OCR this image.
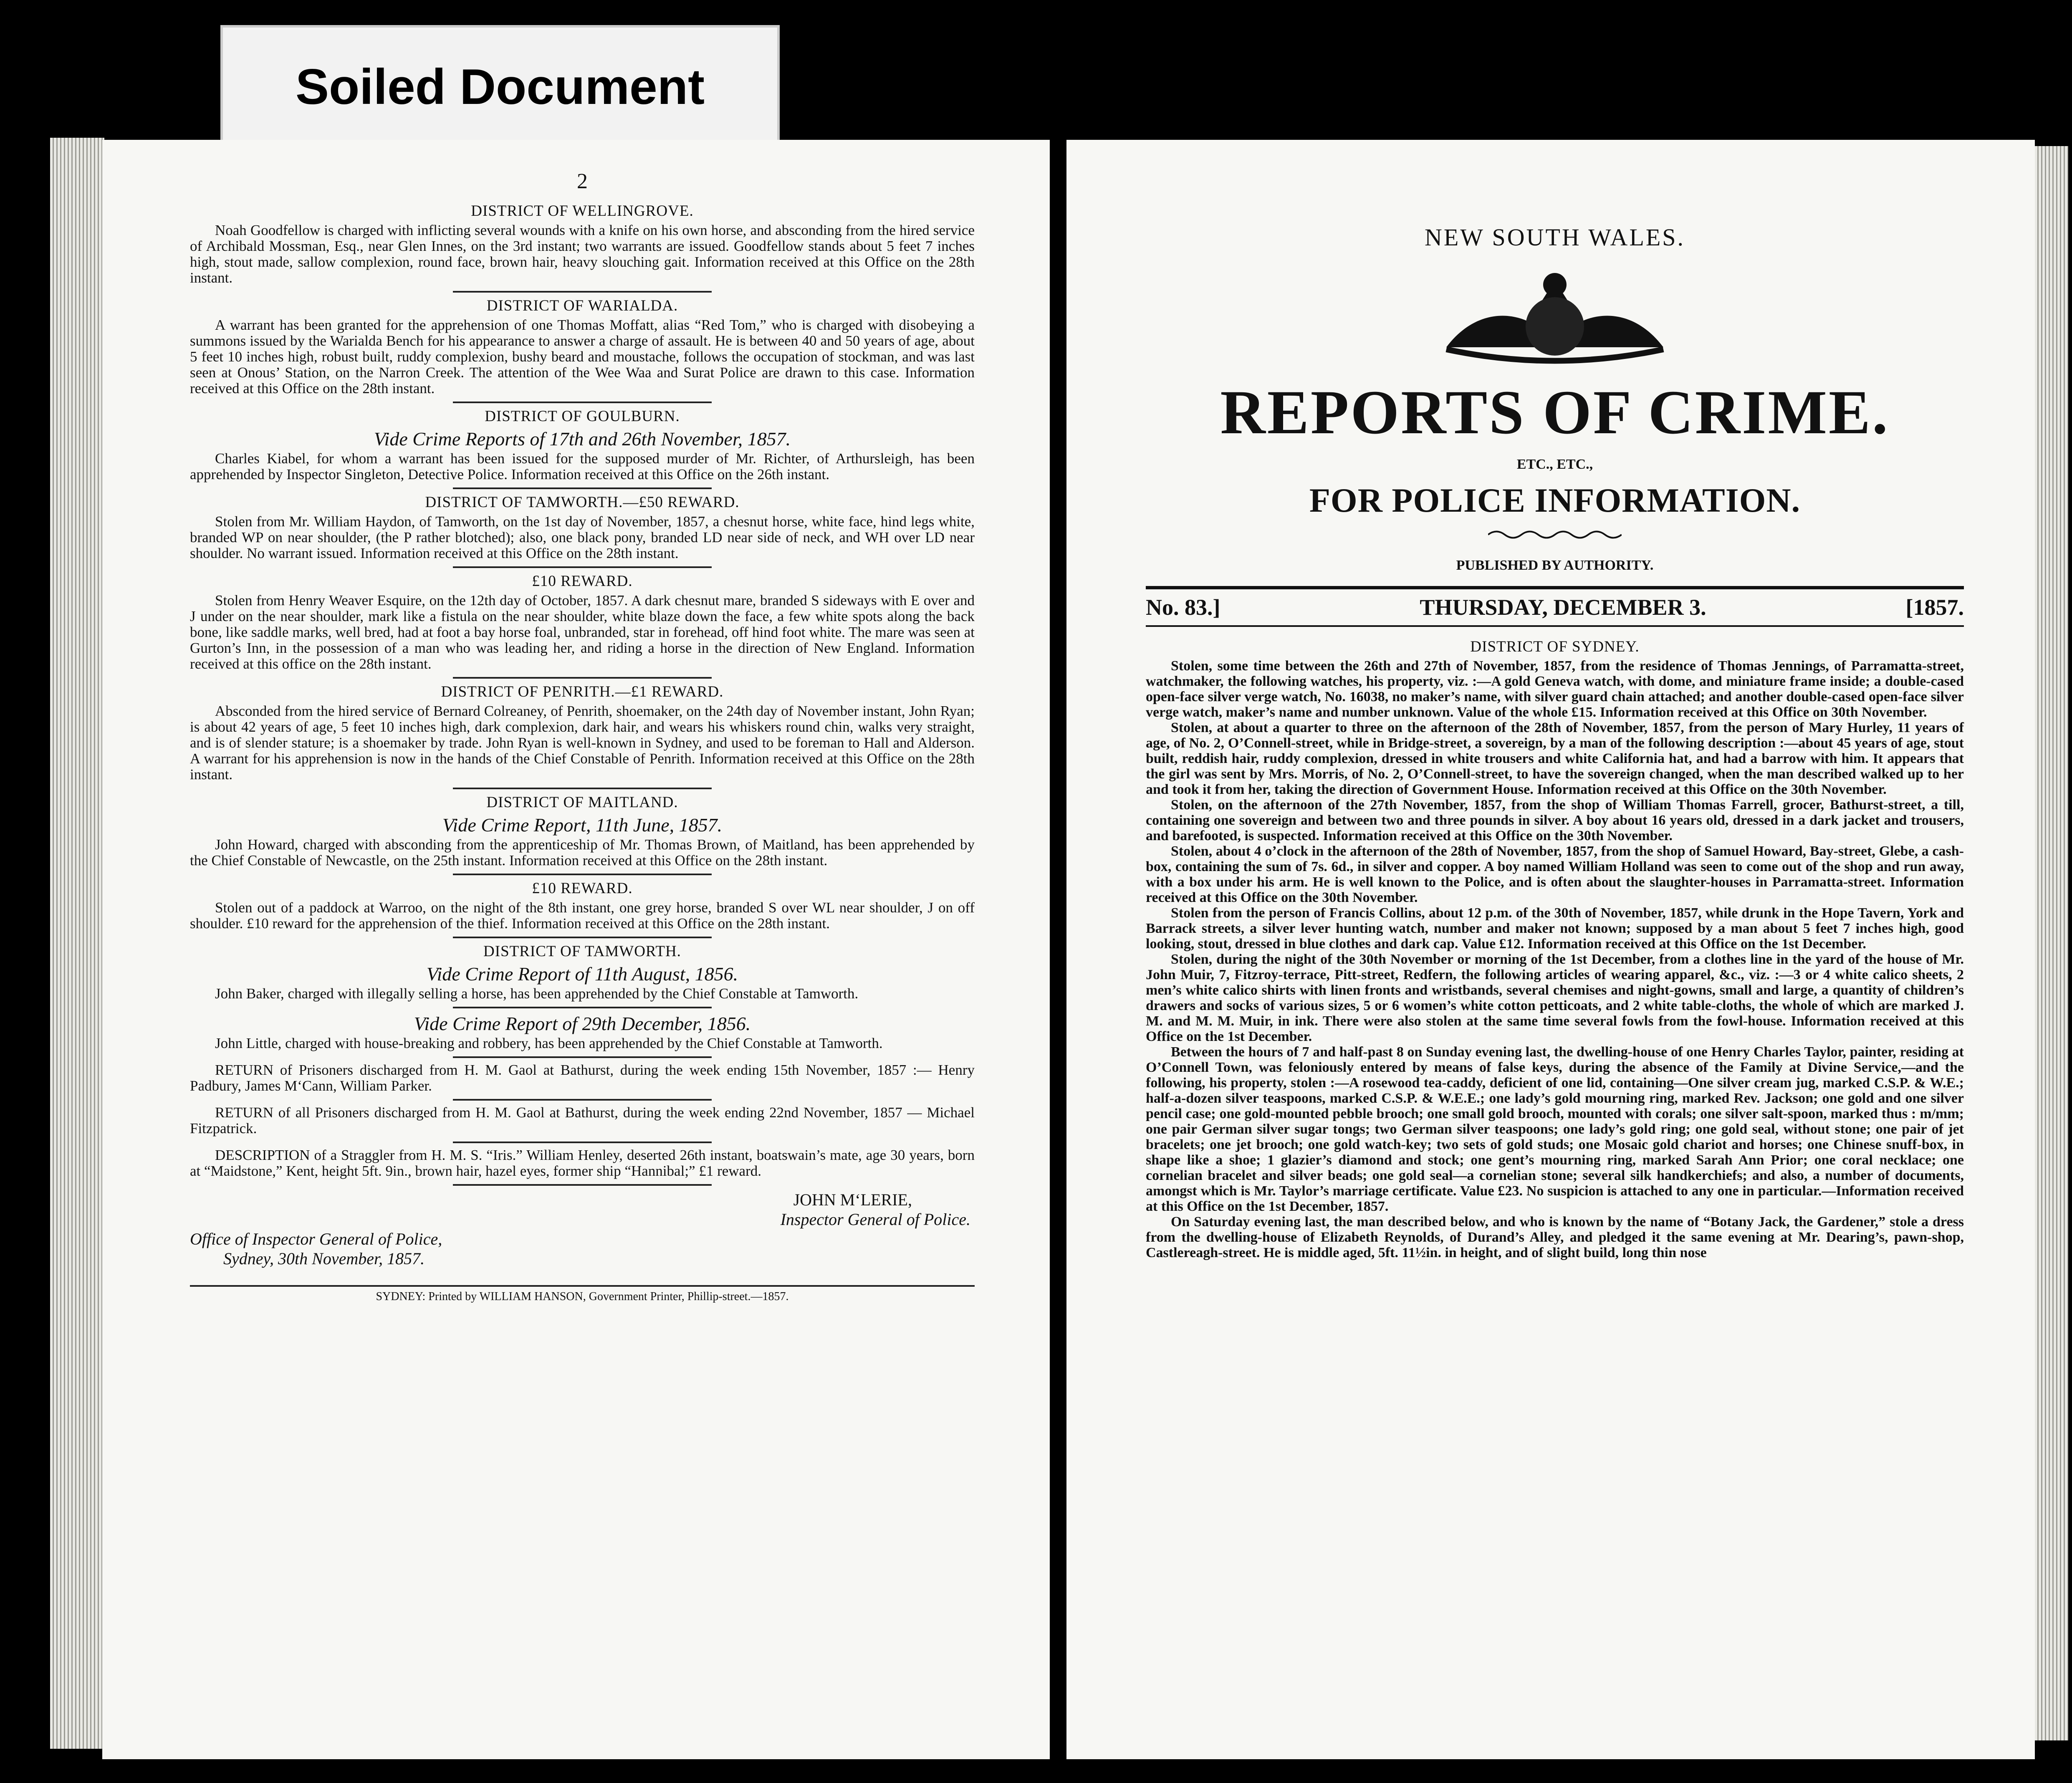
Soiled Document
2
DISTRICT OF WELLINGROVE.

Noah Goodfellow is charged with inflicting several wounds with a knife on his own horse, and absconding from the hired service of Archibald Mossman, Esq., near Glen Innes, on the 3rd instant; two warrants are issued. Goodfellow stands about 5 feet 7 inches high, stout made, sallow complexion, round face, brown hair, heavy slouching gait. Information received at this Office on the 28th instant.

DISTRICT OF WARIALDA.

A warrant has been granted for the apprehension of one Thomas Moffatt, alias “Red Tom,” who is charged with disobeying a summons issued by the Warialda Bench for his appearance to answer a charge of assault. He is between 40 and 50 years of age, about 5 feet 10 inches high, robust built, ruddy complexion, bushy beard and moustache, follows the occupation of stockman, and was last seen at Onous’ Station, on the Narron Creek. The attention of the Wee Waa and Surat Police are drawn to this case. Information received at this Office on the 28th instant.

DISTRICT OF GOULBURN.
Vide Crime Reports of 17th and 26th November, 1857.

Charles Kiabel, for whom a warrant has been issued for the supposed murder of Mr. Richter, of Arthursleigh, has been apprehended by Inspector Singleton, Detective Police. Information received at this Office on the 26th instant.

DISTRICT OF TAMWORTH.—£50 REWARD.

Stolen from Mr. William Haydon, of Tamworth, on the 1st day of November, 1857, a chesnut horse, white face, hind legs white, branded WP on near shoulder, (the P rather blotched); also, one black pony, branded LD near side of neck, and WH over LD near shoulder. No warrant issued. Information received at this Office on the 28th instant.

£10 REWARD.

Stolen from Henry Weaver Esquire, on the 12th day of October, 1857. A dark chesnut mare, branded S sideways with E over and J under on the near shoulder, mark like a fistula on the near shoulder, white blaze down the face, a few white spots along the back bone, like saddle marks, well bred, had at foot a bay horse foal, unbranded, star in forehead, off hind foot white. The mare was seen at Gurton’s Inn, in the possession of a man who was leading her, and riding a horse in the direction of New England. Information received at this office on the 28th instant.

DISTRICT OF PENRITH.—£1 REWARD.

Absconded from the hired service of Bernard Colreaney, of Penrith, shoemaker, on the 24th day of November instant, John Ryan; is about 42 years of age, 5 feet 10 inches high, dark complexion, dark hair, and wears his whiskers round chin, walks very straight, and is of slender stature; is a shoemaker by trade. John Ryan is well-known in Sydney, and used to be foreman to Hall and Alderson. A warrant for his apprehension is now in the hands of the Chief Constable of Penrith. Information received at this Office on the 28th instant.

DISTRICT OF MAITLAND.
Vide Crime Report, 11th June, 1857.

John Howard, charged with absconding from the apprenticeship of Mr. Thomas Brown, of Maitland, has been apprehended by the Chief Constable of Newcastle, on the 25th instant. Information received at this Office on the 28th instant.

£10 REWARD.

Stolen out of a paddock at Warroo, on the night of the 8th instant, one grey horse, branded S over WL near shoulder, J on off shoulder. £10 reward for the apprehension of the thief. Information received at this Office on the 28th instant.

DISTRICT OF TAMWORTH.
Vide Crime Report of 11th August, 1856.

John Baker, charged with illegally selling a horse, has been apprehended by the Chief Constable at Tamworth.

Vide Crime Report of 29th December, 1856.

John Little, charged with house-breaking and robbery, has been apprehended by the Chief Constable at Tamworth.

RETURN of Prisoners discharged from H. M. Gaol at Bathurst, during the week ending 15th November, 1857 :— Henry Padbury, James M‘Cann, William Parker.

RETURN of all Prisoners discharged from H. M. Gaol at Bathurst, during the week ending 22nd November, 1857 — Michael Fitzpatrick.

DESCRIPTION of a Straggler from H. M. S. “Iris.” William Henley, deserted 26th instant, boatswain’s mate, age 30 years, born at “Maidstone,” Kent, height 5ft. 9in., brown hair, hazel eyes, former ship “Hannibal;” £1 reward.

JOHN M‘LERIE,
Inspector General of Police.
Office of Inspector General of Police,
Sydney, 30th November, 1857.
SYDNEY: Printed by WILLIAM HANSON, Government Printer, Phillip-street.—1857.
NEW SOUTH WALES.
REPORTS OF CRIME.
ETC., ETC.,
FOR POLICE INFORMATION.
PUBLISHED BY AUTHORITY.
No. 83.]	THURSDAY, DECEMBER 3.	[1857.
DISTRICT OF SYDNEY.

Stolen, some time between the 26th and 27th of November, 1857, from the residence of Thomas Jennings, of Parramatta-street, watchmaker, the following watches, his property, viz. :—A gold Geneva watch, with dome, and miniature frame inside; a double-cased open-face silver verge watch, No. 16038, no maker’s name, with silver guard chain attached; and another double-cased open-face silver verge watch, maker’s name and number unknown. Value of the whole £15. Information received at this Office on 30th November.

Stolen, at about a quarter to three on the afternoon of the 28th of November, 1857, from the person of Mary Hurley, 11 years of age, of No. 2, O’Connell-street, while in Bridge-street, a sovereign, by a man of the following description :—about 45 years of age, stout built, reddish hair, ruddy complexion, dressed in white trousers and white California hat, and had a barrow with him. It appears that the girl was sent by Mrs. Morris, of No. 2, O’Connell-street, to have the sovereign changed, when the man described walked up to her and took it from her, taking the direction of Government House. Information received at this Office on the 30th November.

Stolen, on the afternoon of the 27th November, 1857, from the shop of William Thomas Farrell, grocer, Bathurst-street, a till, containing one sovereign and between two and three pounds in silver. A boy about 16 years old, dressed in a dark jacket and trousers, and barefooted, is suspected. Information received at this Office on the 30th November.

Stolen, about 4 o’clock in the afternoon of the 28th of November, 1857, from the shop of Samuel Howard, Bay-street, Glebe, a cash-box, containing the sum of 7s. 6d., in silver and copper. A boy named William Holland was seen to come out of the shop and run away, with a box under his arm. He is well known to the Police, and is often about the slaughter-houses in Parramatta-street. Information received at this Office on the 30th November.

Stolen from the person of Francis Collins, about 12 p.m. of the 30th of November, 1857, while drunk in the Hope Tavern, York and Barrack streets, a silver lever hunting watch, number and maker not known; supposed by a man about 5 feet 7 inches high, good looking, stout, dressed in blue clothes and dark cap. Value £12. Information received at this Office on the 1st December.

Stolen, during the night of the 30th November or morning of the 1st December, from a clothes line in the yard of the house of Mr. John Muir, 7, Fitzroy-terrace, Pitt-street, Redfern, the following articles of wearing apparel, &c., viz. :—3 or 4 white calico sheets, 2 men’s white calico shirts with linen fronts and wristbands, several chemises and night-gowns, small and large, a quantity of children’s drawers and socks of various sizes, 5 or 6 women’s white cotton petticoats, and 2 white table-cloths, the whole of which are marked J. M. and M. M. Muir, in ink. There were also stolen at the same time several fowls from the fowl-house. Information received at this Office on the 1st December.

Between the hours of 7 and half-past 8 on Sunday evening last, the dwelling-house of one Henry Charles Taylor, painter, residing at O’Connell Town, was feloniously entered by means of false keys, during the absence of the Family at Divine Service,—and the following, his property, stolen :—A rosewood tea-caddy, deficient of one lid, containing—One silver cream jug, marked C.S.P. & W.E.; half-a-dozen silver teaspoons, marked C.S.P. & W.E.E.; one lady’s gold mourning ring, marked Rev. Jackson; one gold and one silver pencil case; one gold-mounted pebble brooch; one small gold brooch, mounted with corals; one silver salt-spoon, marked thus : m/mm; one pair German silver sugar tongs; two German silver teaspoons; one lady’s gold ring; one gold seal, without stone; one pair of jet bracelets; one jet brooch; one gold watch-key; two sets of gold studs; one Mosaic gold chariot and horses; one Chinese snuff-box, in shape like a shoe; 1 glazier’s diamond and stock; one gent’s mourning ring, marked Sarah Ann Prior; one coral necklace; one cornelian bracelet and silver beads; one gold seal—a cornelian stone; several silk handkerchiefs; and also, a number of documents, amongst which is Mr. Taylor’s marriage certificate. Value £23. No suspicion is attached to any one in particular.—Information received at this Office on the 1st December, 1857.

On Saturday evening last, the man described below, and who is known by the name of “Botany Jack, the Gardener,” stole a dress from the dwelling-house of Elizabeth Reynolds, of Durand’s Alley, and pledged it the same evening at Mr. Dearing’s, pawn-shop, Castlereagh-street. He is middle aged, 5ft. 11½in. in height, and of slight build, long thin nose
